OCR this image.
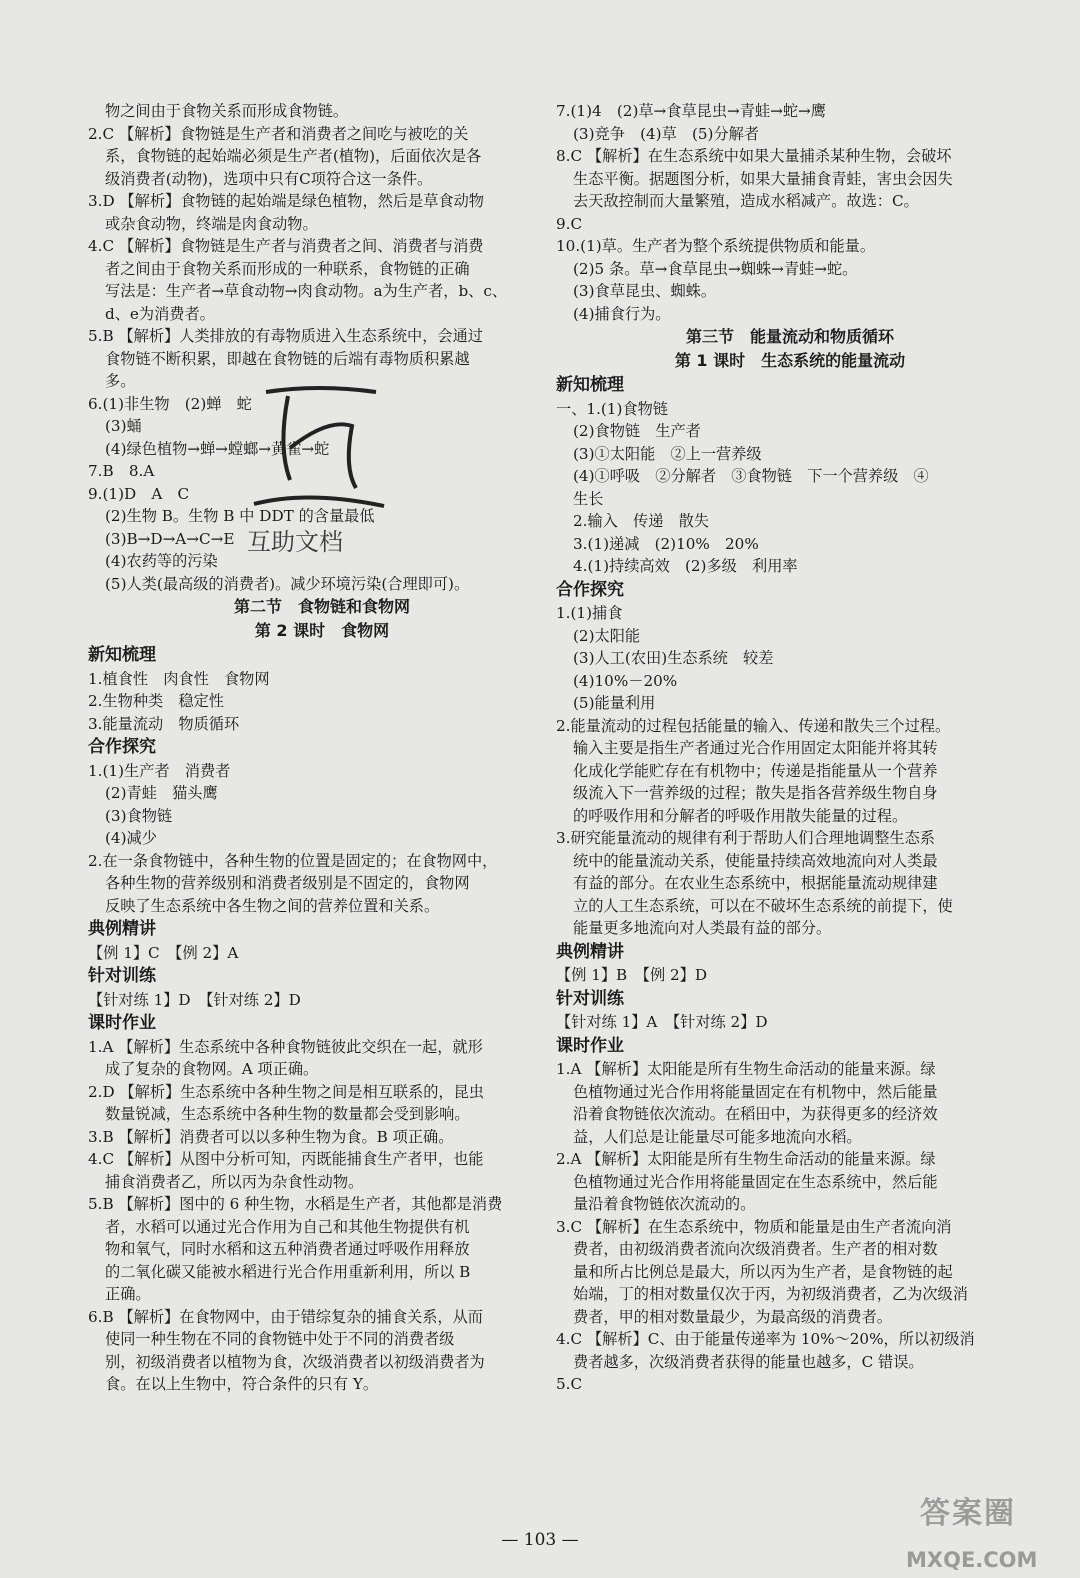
物之间由于食物关系而形成食物链。
2.C 【解析】食物链是生产者和消费者之间吃与被吃的关
系，食物链的起始端必须是生产者(植物)，后面依次是各
级消费者(动物)，选项中只有C项符合这一条件。
3.D 【解析】食物链的起始端是绿色植物，然后是草食动物
或杂食动物，终端是肉食动物。
4.C 【解析】食物链是生产者与消费者之间、消费者与消费
者之间由于食物关系而形成的一种联系，食物链的正确
写法是：生产者→草食动物→肉食动物。a为生产者，b、c、
d、e为消费者。
5.B 【解析】人类排放的有毒物质进入生态系统中，会通过
食物链不断积累，即越在食物链的后端有毒物质积累越
多。
6.(1)非生物　(2)蝉　蛇
(3)蛹
(4)绿色植物→蝉→螳螂→黄雀→蛇
7.B　8.A
9.(1)D　A　C
(2)生物 B。生物 B 中 DDT 的含量最低
(3)B→D→A→C→E
(4)农药等的污染
(5)人类(最高级的消费者)。减少环境污染(合理即可)。
第二节　食物链和食物网
第 2 课时　食物网
新知梳理
1.植食性　肉食性　食物网
2.生物种类　稳定性
3.能量流动　物质循环
合作探究
1.(1)生产者　消费者
(2)青蛙　猫头鹰
(3)食物链
(4)减少
2.在一条食物链中，各种生物的位置是固定的；在食物网中，
各种生物的营养级别和消费者级别是不固定的，食物网
反映了生态系统中各生物之间的营养位置和关系。
典例精讲
【例 1】C　【例 2】A
针对训练
【针对练 1】D　【针对练 2】D
课时作业
1.A 【解析】生态系统中各种食物链彼此交织在一起，就形
成了复杂的食物网。A 项正确。
2.D 【解析】生态系统中各种生物之间是相互联系的，昆虫
数量锐减，生态系统中各种生物的数量都会受到影响。
3.B 【解析】消费者可以以多种生物为食。B 项正确。
4.C 【解析】从图中分析可知，丙既能捕食生产者甲，也能
捕食消费者乙，所以丙为杂食性动物。
5.B 【解析】图中的 6 种生物，水稻是生产者，其他都是消费
者，水稻可以通过光合作用为自己和其他生物提供有机
物和氧气，同时水稻和这五种消费者通过呼吸作用释放
的二氧化碳又能被水稻进行光合作用重新利用，所以 B
正确。
6.B 【解析】在食物网中，由于错综复杂的捕食关系，从而
使同一种生物在不同的食物链中处于不同的消费者级
别，初级消费者以植物为食，次级消费者以初级消费者为
食。在以上生物中，符合条件的只有 Y。
7.(1)4　(2)草→食草昆虫→青蛙→蛇→鹰
(3)竞争　(4)草　(5)分解者
8.C 【解析】在生态系统中如果大量捕杀某种生物，会破坏
生态平衡。据题图分析，如果大量捕食青蛙，害虫会因失
去天敌控制而大量繁殖，造成水稻减产。故选：C。
9.C
10.(1)草。生产者为整个系统提供物质和能量。
(2)5 条。草→食草昆虫→蜘蛛→青蛙→蛇。
(3)食草昆虫、蜘蛛。
(4)捕食行为。
第三节　能量流动和物质循环
第 1 课时　生态系统的能量流动
新知梳理
一、1.(1)食物链
(2)食物链　生产者
(3)①太阳能　②上一营养级
(4)①呼吸　②分解者　③食物链　下一个营养级　④
生长
2.输入　传递　散失
3.(1)递减　(2)10%　20%
4.(1)持续高效　(2)多级　利用率
合作探究
1.(1)捕食
(2)太阳能
(3)人工(农田)生态系统　较差
(4)10%－20%
(5)能量利用
2.能量流动的过程包括能量的输入、传递和散失三个过程。
输入主要是指生产者通过光合作用固定太阳能并将其转
化成化学能贮存在有机物中；传递是指能量从一个营养
级流入下一营养级的过程；散失是指各营养级生物自身
的呼吸作用和分解者的呼吸作用散失能量的过程。
3.研究能量流动的规律有利于帮助人们合理地调整生态系
统中的能量流动关系，使能量持续高效地流向对人类最
有益的部分。在农业生态系统中，根据能量流动规律建
立的人工生态系统，可以在不破坏生态系统的前提下，使
能量更多地流向对人类最有益的部分。
典例精讲
【例 1】B　【例 2】D
针对训练
【针对练 1】A　【针对练 2】D
课时作业
1.A 【解析】太阳能是所有生物生命活动的能量来源。绿
色植物通过光合作用将能量固定在有机物中，然后能量
沿着食物链依次流动。在稻田中，为获得更多的经济效
益，人们总是让能量尽可能多地流向水稻。
2.A 【解析】太阳能是所有生物生命活动的能量来源。绿
色植物通过光合作用将能量固定在生态系统中，然后能
量沿着食物链依次流动的。
3.C 【解析】在生态系统中，物质和能量是由生产者流向消
费者，由初级消费者流向次级消费者。生产者的相对数
量和所占比例总是最大，所以丙为生产者，是食物链的起
始端，丁的相对数量仅次于丙，为初级消费者，乙为次级消
费者，甲的相对数量最少，为最高级的消费者。
4.C 【解析】C、由于能量传递率为 10%～20%，所以初级消
费者越多，次级消费者获得的能量也越多，C 错误。
5.C
互助文档
— 103 —
答案圈
MXQE.COM
